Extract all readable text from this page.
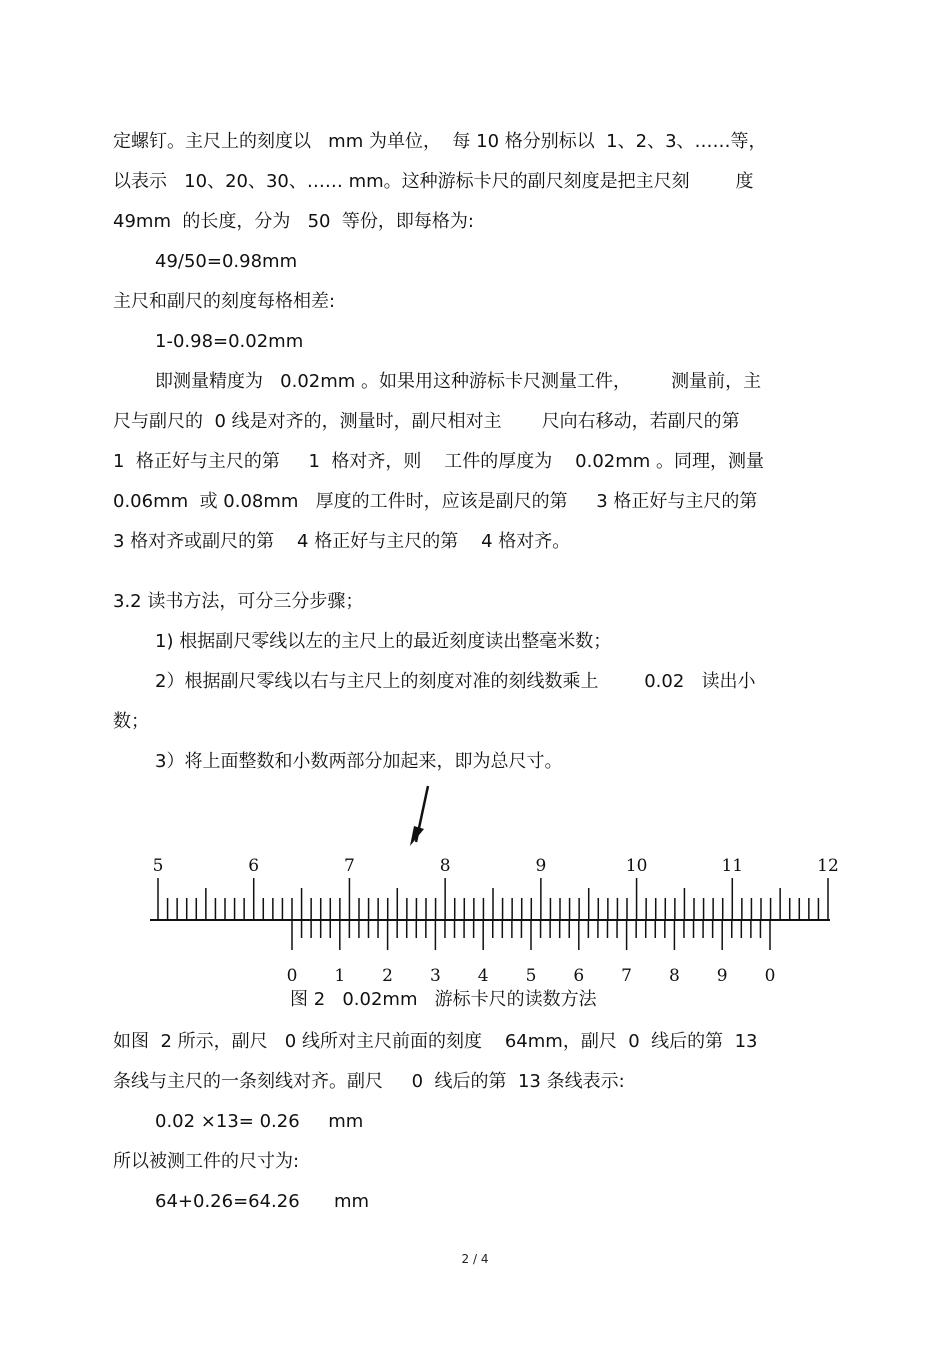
定螺钉。主尺上的刻度以   mm 为单位，  每 10 格分别标以  1、2、3、……等，
以表示   10、20、30、…… mm。这种游标卡尺的副尺刻度是把主尺刻        度
49mm  的长度，分为   50  等份，即每格为:
49/50=0.98mm
主尺和副尺的刻度每格相差:
1-0.98=0.02mm
即测量精度为   0.02mm 。如果用这种游标卡尺测量工件，       测量前，主
尺与副尺的  0 线是对齐的，测量时，副尺相对主       尺向右移动，若副尺的第
1  格正好与主尺的第     1  格对齐，则    工件的厚度为    0.02mm 。同理，测量
0.06mm  或 0.08mm   厚度的工件时，应该是副尺的第     3 格正好与主尺的第
3 格对齐或副尺的第    4 格正好与主尺的第    4 格对齐。
3.2 读书方法，可分三分步骤；
1) 根据副尺零线以左的主尺上的最近刻度读出整毫米数；
2）根据副尺零线以右与主尺上的刻度对准的刻线数乘上        0.02   读出小
数；
3）将上面整数和小数两部分加起来，即为总尺寸。
5	6	7	8	9	10	11	12
0 1 2 3 4 5 6 7 8 9 0
图 2   0.02mm   游标卡尺的读数方法
如图  2 所示，副尺   0 线所对主尺前面的刻度    64mm，副尺  0  线后的第  13
条线与主尺的一条刻线对齐。副尺     0  线后的第  13 条线表示:
0.02 ×13= 0.26     mm
所以被测工件的尺寸为:
64+0.26=64.26      mm
2 / 4
